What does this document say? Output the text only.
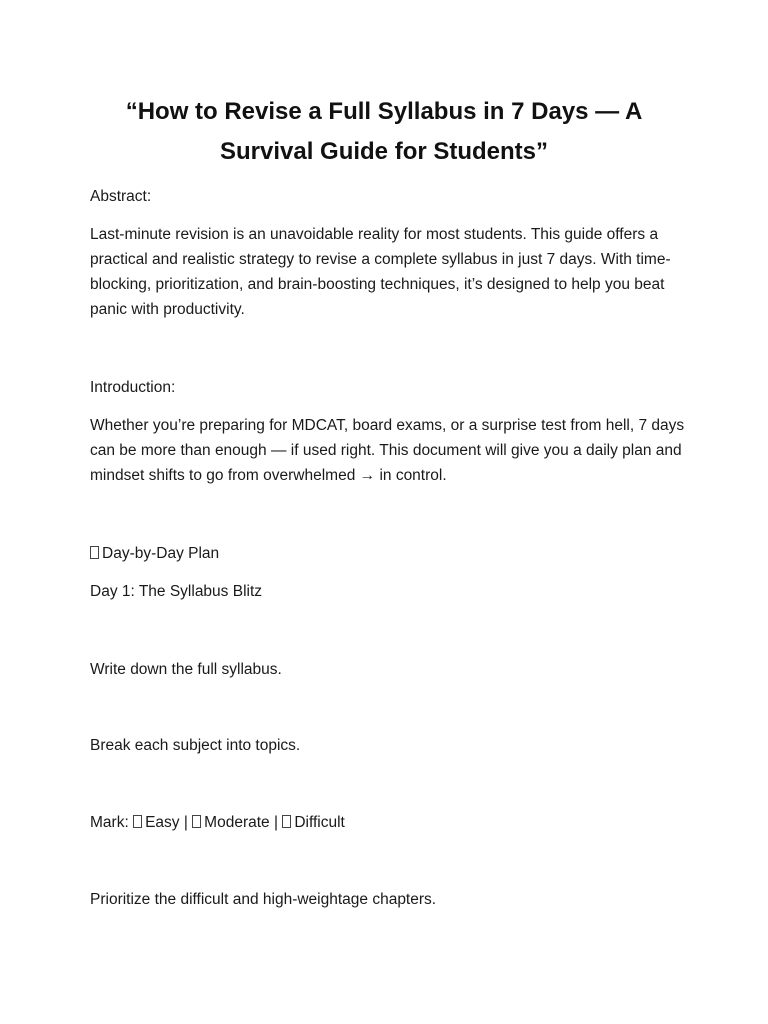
“How to Revise a Full Syllabus in 7 Days — A
Survival Guide for Students”

Abstract:

Last-minute revision is an unavoidable reality for most students. This guide offers a practical and realistic strategy to revise a complete syllabus in just 7 days. With time-blocking, prioritization, and brain-boosting techniques, it’s designed to help you beat panic with productivity.

Introduction:

Whether you’re preparing for MDCAT, board exams, or a surprise test from hell, 7 days can be more than enough — if used right. This document will give you a daily plan and mindset shifts to go from overwhelmed → in control.

Day-by-Day Plan

Day 1: The Syllabus Blitz

Write down the full syllabus.

Break each subject into topics.

Mark: Easy | Moderate | Difficult

Prioritize the difficult and high-weightage chapters.
